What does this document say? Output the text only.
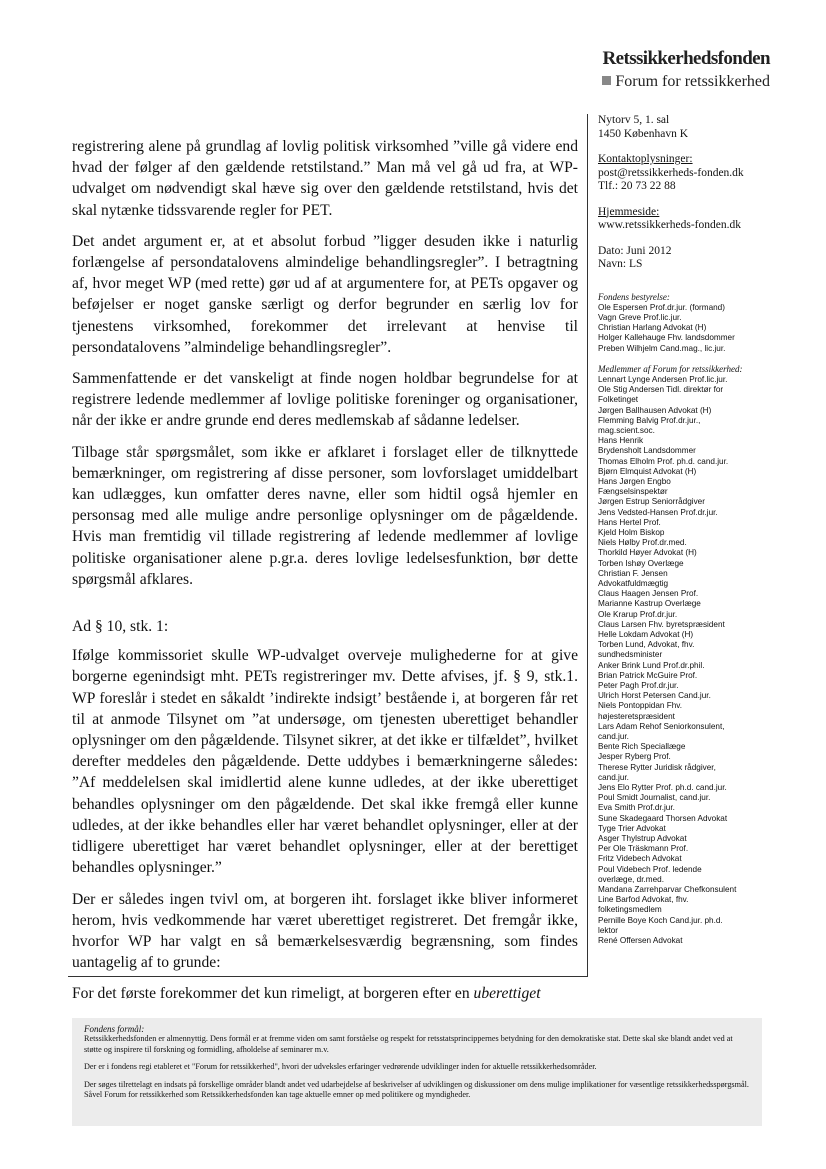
Retssikkerhedsfonden
Forum for retssikkerhed

registrering alene på grundlag af lovlig politisk virksomhed ”ville gå videre end hvad der følger af den gældende retstilstand.” Man må vel gå ud fra, at WP-udvalget om nødvendigt skal hæve sig over den gældende retstilstand, hvis det skal nytænke tidssvarende regler for PET.

Det andet argument er, at et absolut forbud ”ligger desuden ikke i naturlig forlængelse af persondatalovens almindelige behandlingsregler”. I betragtning af, hvor meget WP (med rette) gør ud af at argumentere for, at PETs opgaver og beføjelser er noget ganske særligt og derfor begrunder en særlig lov for tjenestens virksomhed, forekommer det irrelevant at henvise til persondatalovens ”almindelige behandlingsregler”.

Sammenfattende er det vanskeligt at finde nogen holdbar begrundelse for at registrere ledende medlemmer af lovlige politiske foreninger og organisationer, når der ikke er andre grunde end deres medlemskab af sådanne ledelser.

Tilbage står spørgsmålet, som ikke er afklaret i forslaget eller de tilknyttede bemærkninger, om registrering af disse personer, som lovforslaget umiddelbart kan udlægges, kun omfatter deres navne, eller som hidtil også hjemler en personsag med alle mulige andre personlige oplysninger om de pågældende. Hvis man fremtidig vil tillade registrering af ledende medlemmer af lovlige politiske organisationer alene p.gr.a. deres lovlige ledelsesfunktion, bør dette spørgsmål afklares.

Ad § 10, stk. 1:

Ifølge kommissoriet skulle WP-udvalget overveje mulighederne for at give borgerne egenindsigt mht. PETs registreringer mv. Dette afvises, jf. § 9, stk.1. WP foreslår i stedet en såkaldt ’indirekte indsigt’ bestående i, at borgeren får ret til at anmode Tilsynet om ”at undersøge, om tjenesten uberettiget behandler oplysninger om den pågældende. Tilsynet sikrer, at det ikke er tilfældet”, hvilket derefter meddeles den pågældende. Dette uddybes i bemærkningerne således: ”Af meddelelsen skal imidlertid alene kunne udledes, at der ikke uberettiget behandles oplysninger om den pågældende. Det skal ikke fremgå eller kunne udledes, at der ikke behandles eller har været behandlet oplysninger, eller at der tidligere uberettiget har været behandlet oplysninger, eller at der berettiget behandles oplysninger.”

Der er således ingen tvivl om, at borgeren iht. forslaget ikke bliver informeret herom, hvis vedkommende har været uberettiget registreret. Det fremgår ikke, hvorfor WP har valgt en så bemærkelsesværdig begrænsning, som findes uantagelig af to grunde:

For det første forekommer det kun rimeligt, at borgeren efter en uberettiget

Nytorv 5, 1. sal
1450 København K
Kontaktoplysninger:
post@retssikkerheds-fonden.dk
Tlf.: 20 73 22 88
Hjemmeside:
www.retssikkerheds-fonden.dk
Dato: Juni 2012
Navn: LS
Fondens bestyrelse:
Ole Espersen Prof.dr.jur. (formand)
Vagn Greve Prof.lic.jur.
Christian Harlang Advokat (H)
Holger Kallehauge Fhv. landsdommer
Preben Wilhjelm Cand.mag., lic.jur.
Medlemmer af Forum for retssikkerhed:
Lennart Lynge Andersen Prof.lic.jur.
Ole Stig Andersen Tidl. direktør for
Folketinget
Jørgen Ballhausen Advokat (H)
Flemming Balvig Prof.dr.jur.,
mag.scient.soc.
Hans Henrik
Brydensholt Landsdommer
Thomas Elholm Prof. ph.d. cand.jur.
Bjørn Elmquist Advokat (H)
Hans Jørgen Engbo
Fængselsinspektør
Jørgen Estrup Seniorrådgiver
Jens Vedsted-Hansen Prof.dr.jur.
Hans Hertel Prof.
Kjeld Holm Biskop
Niels Hølby Prof.dr.med.
Thorkild Høyer Advokat (H)
Torben Ishøy Overlæge
Christian F. Jensen
Advokatfuldmægtig
Claus Haagen Jensen Prof.
Marianne Kastrup Overlæge
Ole Krarup Prof.dr.jur.
Claus Larsen Fhv. byretspræsident
Helle Lokdam Advokat (H)
Torben Lund, Advokat, fhv.
sundhedsminister
Anker Brink Lund Prof.dr.phil.
Brian Patrick McGuire Prof.
Peter Pagh Prof.dr.jur.
Ulrich Horst Petersen Cand.jur.
Niels Pontoppidan Fhv.
højesteretspræsident
Lars Adam Rehof Seniorkonsulent,
cand.jur.
Bente Rich Speciallæge
Jesper Ryberg Prof.
Therese Rytter Juridisk rådgiver,
cand.jur.
Jens Elo Rytter Prof. ph.d. cand.jur.
Poul Smidt Journalist, cand.jur.
Eva Smith Prof.dr.jur.
Sune Skadegaard Thorsen Advokat
Tyge Trier Advokat
Asger Thylstrup Advokat
Per Ole Träskmann Prof.
Fritz Videbech Advokat
Poul Videbech Prof. ledende
overlæge, dr.med.
Mandana Zarrehparvar Chefkonsulent
Line Barfod Advokat, fhv.
folketingsmedlem
Pernille Boye Koch Cand.jur. ph.d.
lektor
René Offersen Advokat
Fondens formål:

Retssikkerhedsfonden er almennyttig. Dens formål er at fremme viden om samt forståelse og respekt for retsstatsprincippernes betydning for den demokratiske stat. Dette skal ske blandt andet ved at støtte og inspirere til forskning og formidling, afholdelse af seminarer m.v.

Der er i fondens regi etableret et "Forum for retssikkerhed", hvori der udveksles erfaringer vedrørende udviklinger inden for aktuelle retssikkerhedsområder.

Der søges tilrettelagt en indsats på forskellige områder blandt andet ved udarbejdelse af beskrivelser af udviklingen og diskussioner om dens mulige implikationer for væsentlige retssikkerhedsspørgsmål. Såvel Forum for retssikkerhed som Retssikkerhedsfonden kan tage aktuelle emner op med politikere og myndigheder.
